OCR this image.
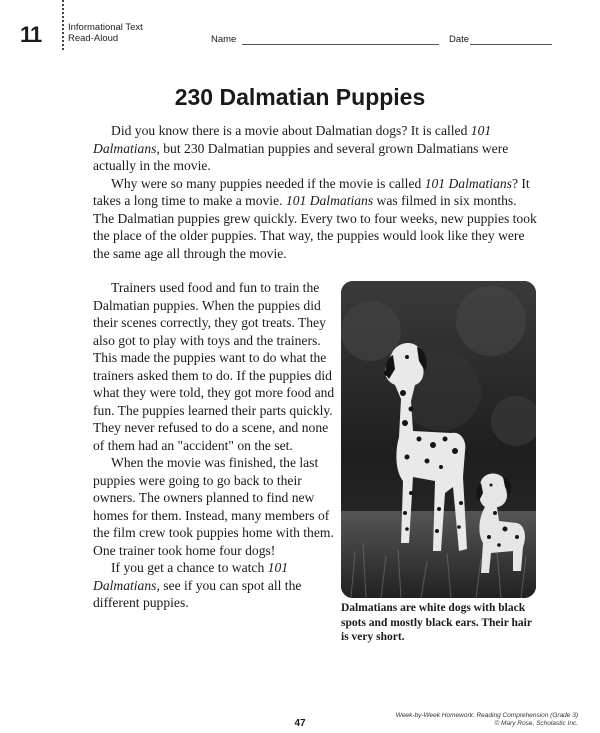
11	Informational Text
Read-Aloud	Name	Date
230 Dalmatian Puppies

Did you know there is a movie about Dalmatian dogs? It is called 101 Dalmatians, but 230 Dalmatian puppies and several grown Dalmatians were actually in the movie.

Why were so many puppies needed if the movie is called 101 Dalmatians? It takes a long time to make a movie. 101 Dalmatians was filmed in six months. The Dalmatian puppies grew quickly. Every two to four weeks, new puppies took the place of the older puppies. That way, the puppies would look like they were the same age all through the movie.

Trainers used food and fun to train the Dalmatian puppies. When the puppies did their scenes correctly, they got treats. They also got to play with toys and the trainers. This made the puppies want to do what the trainers asked them to do. If the puppies did what they were told, they got more food and fun. The puppies learned their parts quickly. They never refused to do a scene, and none of them had an "accident" on the set.

When the movie was finished, the last puppies were going to go back to their owners. The owners planned to find new homes for them. Instead, many members of the film crew took puppies home with them. One trainer took home four dogs!

If you get a chance to watch 101 Dalmatians, see if you can spot all the different puppies.	Dalmatians are white dogs with black spots and mostly black ears. Their hair is very short.

47
Week-by-Week Homework: Reading Comprehension (Grade 3)
© Mary Rose, Scholastic Inc.
